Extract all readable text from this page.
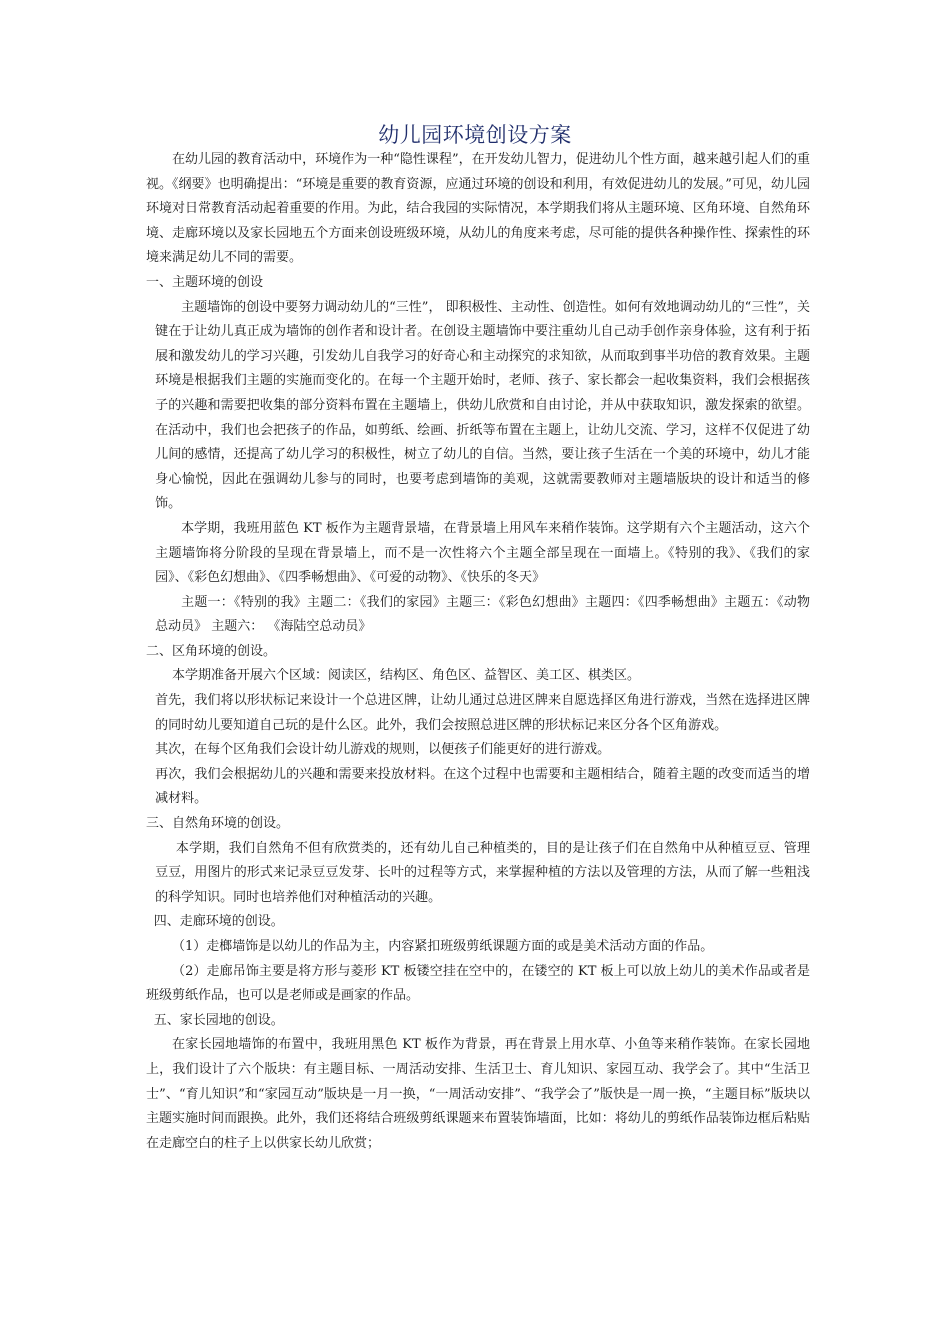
幼儿园环境创设方案

在幼儿园的教育活动中，环境作为一种“隐性课程”，在开发幼儿智力，促进幼儿个性方面，越来越引起人们的重视。《纲要》也明确提出：“环境是重要的教育资源，应通过环境的创设和利用，有效促进幼儿的发展。”可见，幼儿园环境对日常教育活动起着重要的作用。为此，结合我园的实际情况，本学期我们将从主题环境、区角环境、自然角环境、走廊环境以及家长园地五个方面来创设班级环境，从幼儿的角度来考虑，尽可能的提供各种操作性、探索性的环境来满足幼儿不同的需要。

一、主题环境的创设

主题墙饰的创设中要努力调动幼儿的“三性”， 即积极性、主动性、创造性。如何有效地调动幼儿的“三性”，关键在于让幼儿真正成为墙饰的创作者和设计者。在创设主题墙饰中要注重幼儿自己动手创作亲身体验，这有利于拓展和激发幼儿的学习兴趣，引发幼儿自我学习的好奇心和主动探究的求知欲，从而取到事半功倍的教育效果。主题环境是根据我们主题的实施而变化的。在每一个主题开始时，老师、孩子、家长都会一起收集资料，我们会根据孩子的兴趣和需要把收集的部分资料布置在主题墙上，供幼儿欣赏和自由讨论，并从中获取知识，激发探索的欲望。在活动中，我们也会把孩子的作品，如剪纸、绘画、折纸等布置在主题上，让幼儿交流、学习，这样不仅促进了幼儿间的感情，还提高了幼儿学习的积极性，树立了幼儿的自信。当然，要让孩子生活在一个美的环境中，幼儿才能身心愉悦，因此在强调幼儿参与的同时，也要考虑到墙饰的美观，这就需要教师对主题墙版块的设计和适当的修饰。

本学期，我班用蓝色 KT 板作为主题背景墙，在背景墙上用风车来稍作装饰。这学期有六个主题活动，这六个主题墙饰将分阶段的呈现在背景墙上，而不是一次性将六个主题全部呈现在一面墙上。《特别的我》、《我们的家园》、《彩色幻想曲》、《四季畅想曲》、《可爱的动物》、《快乐的冬天》

主题一：《特别的我》主题二：《我们的家园》主题三：《彩色幻想曲》主题四：《四季畅想曲》主题五：《动物总动员》 主题六： 《海陆空总动员》

二、区角环境的创设。

本学期准备开展六个区域：阅读区，结构区、角色区、益智区、美工区、棋类区。

首先，我们将以形状标记来设计一个总进区牌，让幼儿通过总进区牌来自愿选择区角进行游戏，当然在选择进区牌的同时幼儿要知道自己玩的是什么区。此外，我们会按照总进区牌的形状标记来区分各个区角游戏。

其次，在每个区角我们会设计幼儿游戏的规则，以便孩子们能更好的进行游戏。

再次，我们会根据幼儿的兴趣和需要来投放材料。在这个过程中也需要和主题相结合，随着主题的改变而适当的增减材料。

三、自然角环境的创设。

本学期，我们自然角不但有欣赏类的，还有幼儿自己种植类的，目的是让孩子们在自然角中从种植豆豆、管理豆豆，用图片的形式来记录豆豆发芽、长叶的过程等方式，来掌握种植的方法以及管理的方法，从而了解一些粗浅的科学知识。同时也培养他们对种植活动的兴趣。

四、走廊环境的创设。

（1）走榔墙饰是以幼儿的作品为主，内容紧扣班级剪纸课题方面的或是美术活动方面的作品。

（2）走廊吊饰主要是将方形与菱形 KT 板镂空挂在空中的，在镂空的 KT 板上可以放上幼儿的美术作品或者是班级剪纸作品，也可以是老师或是画家的作品。

五、家长园地的创设。

在家长园地墙饰的布置中，我班用黑色 KT 板作为背景，再在背景上用水草、小鱼等来稍作装饰。在家长园地上，我们设计了六个版块：有主题目标、一周活动安排、生活卫士、育儿知识、家园互动、我学会了。其中“生活卫士”、“育儿知识”和“家园互动”版块是一月一换，“一周活动安排”、“我学会了”版快是一周一换，“主题目标”版块以主题实施时间而跟换。此外，我们还将结合班级剪纸课题来布置装饰墙面，比如：将幼儿的剪纸作品装饰边框后粘贴在走廊空白的柱子上以供家长幼儿欣赏；
